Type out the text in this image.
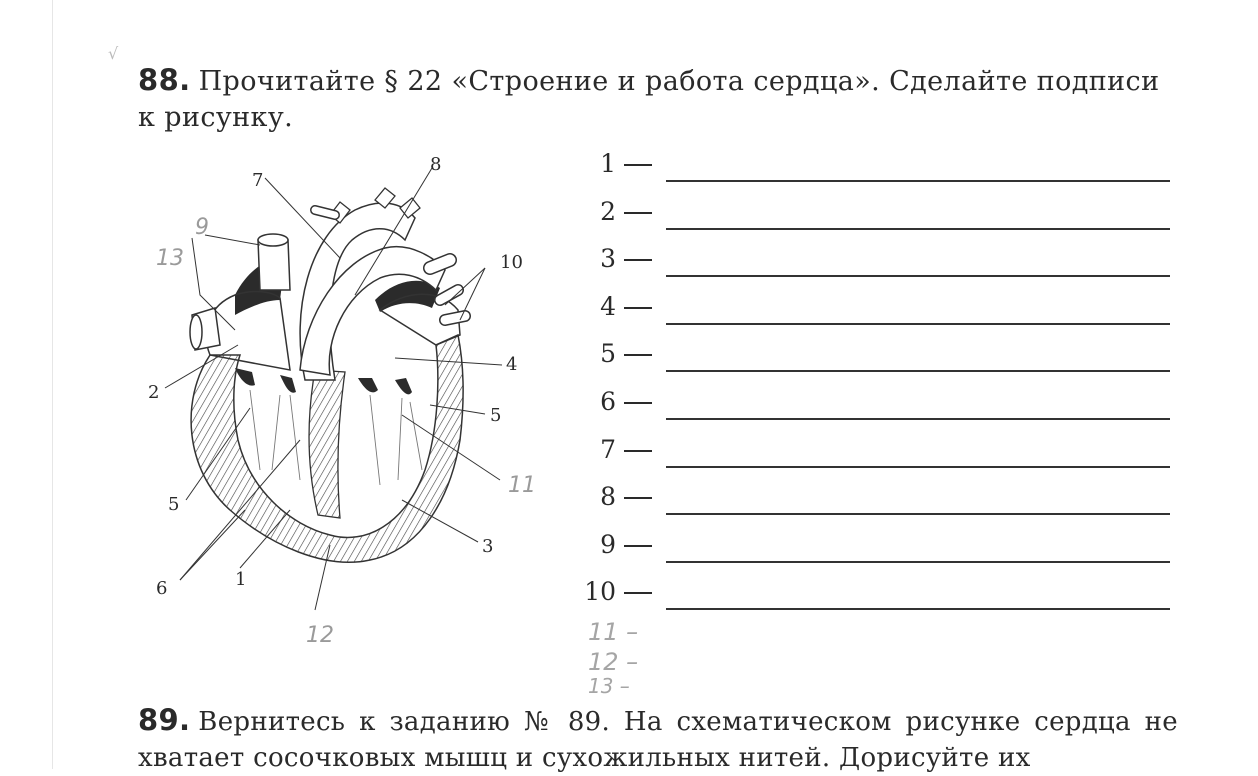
√
88. Прочитайте § 22 «Строение и работа сердца». Сделайте подписи к рисунку.
1
2
3
4
5
5
6
7
8
10
9
13
11
12
1
2
3
4
5
6
7
8
9
10
11 –
12 –
13 –
89. Вернитесь к заданию № 89. На схематическом рисунке сердца не хватает сосочковых мышц и сухожильных нитей. Дорисуйте их
